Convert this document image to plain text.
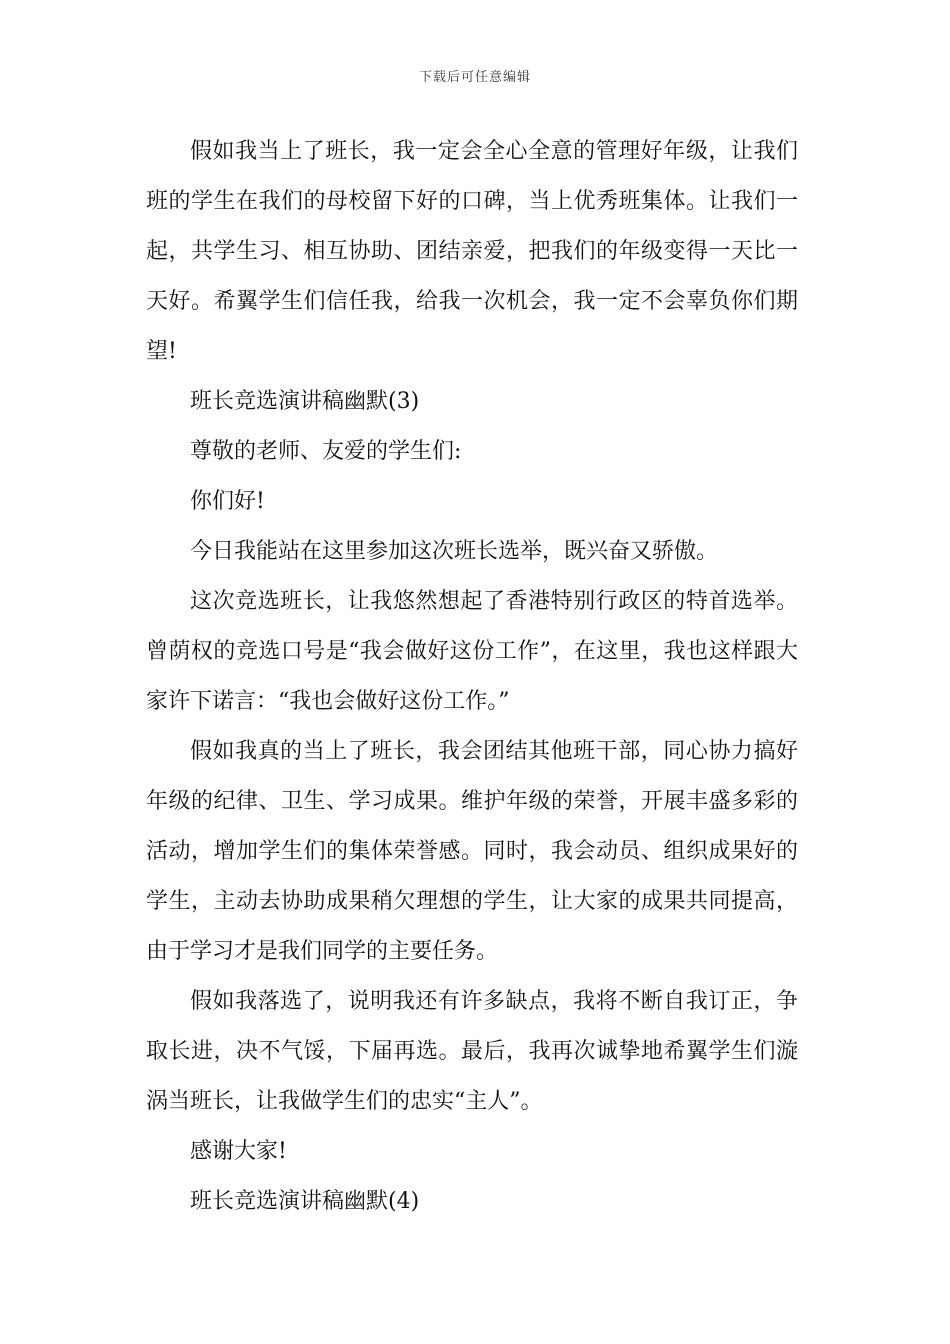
下载后可任意编辑

假如我当上了班长，我一定会全心全意的管理好年级，让我们班的学生在我们的母校留下好的口碑，当上优秀班集体。让我们一起，共学生习、相互协助、团结亲爱，把我们的年级变得一天比一天好。希翼学生们信任我，给我一次机会，我一定不会辜负你们期望!

班长竞选演讲稿幽默(3)

尊敬的老师、友爱的学生们:

你们好!

今日我能站在这里参加这次班长选举，既兴奋又骄傲。

这次竞选班长，让我悠然想起了香港特别行政区的特首选举。曾荫权的竞选口号是“我会做好这份工作”，在这里，我也这样跟大家许下诺言：“我也会做好这份工作。”

假如我真的当上了班长，我会团结其他班干部，同心协力搞好年级的纪律、卫生、学习成果。维护年级的荣誉，开展丰盛多彩的活动，增加学生们的集体荣誉感。同时，我会动员、组织成果好的学生，主动去协助成果稍欠理想的学生，让大家的成果共同提高，由于学习才是我们同学的主要任务。

假如我落选了，说明我还有许多缺点，我将不断自我订正，争取长进，决不气馁，下届再选。最后，我再次诚挚地希翼学生们漩涡当班长，让我做学生们的忠实“主人”。

感谢大家!

班长竞选演讲稿幽默(4)
